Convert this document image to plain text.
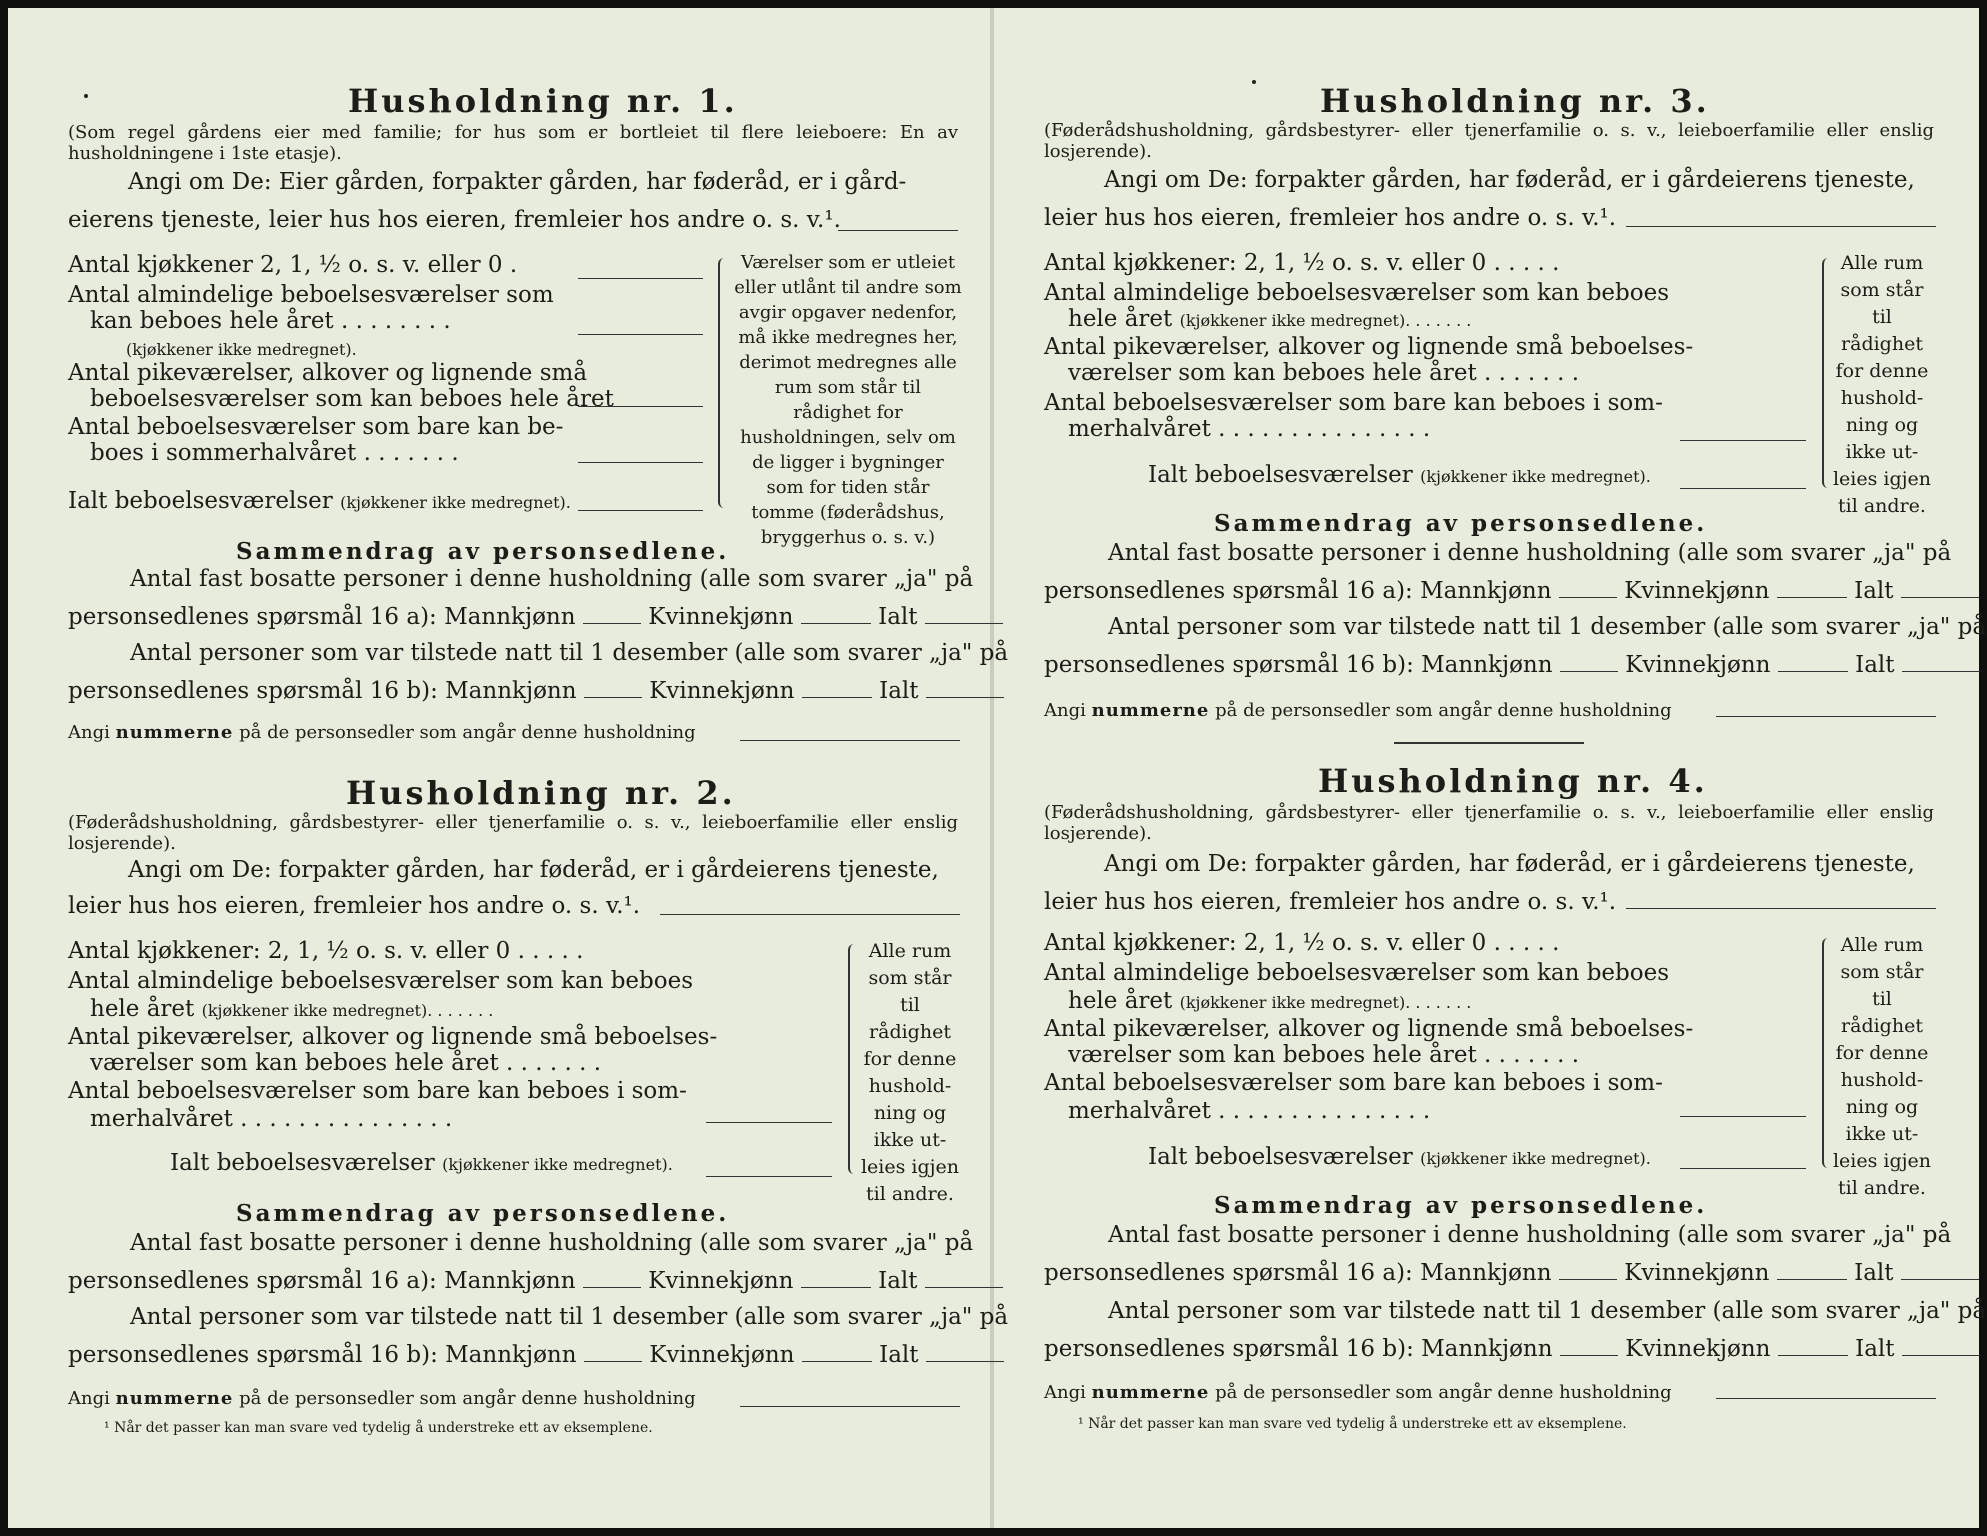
Husholdning nr. 1.
(Som regel gårdens eier med familie; for hus som er bortleiet til flere leieboere: En av husholdningene i 1ste etasje).
Angi om De: Eier gården, forpakter gården, har føderåd, er i gård-
eierens tjeneste, leier hus hos eieren, fremleier hos andre o. s. v.¹.
Antal kjøkkener 2, 1, ½ o. s. v. eller 0 .
Antal almindelige beboelsesværelser som
kan beboes hele året . . . . . . . .
(kjøkkener ikke medregnet).
Antal pikeværelser, alkover og lignende små
beboelsesværelser som kan beboes hele året
Antal beboelsesværelser som bare kan be-
boes i sommerhalvåret . . . . . . .
Ialt beboelsesværelser (kjøkkener ikke medregnet).
Værelser som er utleiet eller utlånt til andre som avgir opgaver nedenfor, må ikke medregnes her, derimot medregnes alle rum som står til rådighet for husholdningen, selv om de ligger i bygninger som for tiden står tomme (føderådshus, bryggerhus o. s. v.)
Sammendrag av personsedlene.
Antal fast bosatte personer i denne husholdning (alle som svarer „ja" på
personsedlenes spørsmål 16 a): Mannkjønn	Kvinnekjønn	Ialt
Antal personer som var tilstede natt til 1 desember (alle som svarer „ja" på
personsedlenes spørsmål 16 b): Mannkjønn	Kvinnekjønn	Ialt
Angi nummerne på de personsedler som angår denne husholdning
Husholdning nr. 2.
(Føderådshusholdning, gårdsbestyrer- eller tjenerfamilie o. s. v., leieboerfamilie eller enslig losjerende).
Angi om De: forpakter gården, har føderåd, er i gårdeierens tjeneste,
leier hus hos eieren, fremleier hos andre o. s. v.¹.
Antal kjøkkener: 2, 1, ½ o. s. v. eller 0 . . . . .
Antal almindelige beboelsesværelser som kan beboes
hele året (kjøkkener ikke medregnet). . . . . . .
Antal pikeværelser, alkover og lignende små beboelses-
værelser som kan beboes hele året . . . . . . .
Antal beboelsesværelser som bare kan beboes i som-
merhalvåret . . . . . . . . . . . . . . .
Ialt beboelsesværelser (kjøkkener ikke medregnet).
Alle rum som står til rådighet for denne hushold-ning og ikke ut-leies igjen til andre.
Sammendrag av personsedlene.
Antal fast bosatte personer i denne husholdning (alle som svarer „ja" på
personsedlenes spørsmål 16 a): Mannkjønn	Kvinnekjønn	Ialt
Antal personer som var tilstede natt til 1 desember (alle som svarer „ja" på
personsedlenes spørsmål 16 b): Mannkjønn	Kvinnekjønn	Ialt
Angi nummerne på de personsedler som angår denne husholdning
¹ Når det passer kan man svare ved tydelig å understreke ett av eksemplene.
Husholdning nr. 3.
(Føderådshusholdning, gårdsbestyrer- eller tjenerfamilie o. s. v., leieboerfamilie eller enslig losjerende).
Angi om De: forpakter gården, har føderåd, er i gårdeierens tjeneste,
leier hus hos eieren, fremleier hos andre o. s. v.¹.
Antal kjøkkener: 2, 1, ½ o. s. v. eller 0 . . . . .
Antal almindelige beboelsesværelser som kan beboes
hele året (kjøkkener ikke medregnet). . . . . . .
Antal pikeværelser, alkover og lignende små beboelses-
værelser som kan beboes hele året . . . . . . .
Antal beboelsesværelser som bare kan beboes i som-
merhalvåret . . . . . . . . . . . . . . .
Ialt beboelsesværelser (kjøkkener ikke medregnet).
Alle rum som står til rådighet for denne hushold-ning og ikke ut-leies igjen til andre.
Sammendrag av personsedlene.
Antal fast bosatte personer i denne husholdning (alle som svarer „ja" på
personsedlenes spørsmål 16 a): Mannkjønn	Kvinnekjønn	Ialt
Antal personer som var tilstede natt til 1 desember (alle som svarer „ja" på
personsedlenes spørsmål 16 b): Mannkjønn	Kvinnekjønn	Ialt
Angi nummerne på de personsedler som angår denne husholdning
Husholdning nr. 4.
(Føderådshusholdning, gårdsbestyrer- eller tjenerfamilie o. s. v., leieboerfamilie eller enslig losjerende).
Angi om De: forpakter gården, har føderåd, er i gårdeierens tjeneste,
leier hus hos eieren, fremleier hos andre o. s. v.¹.
Antal kjøkkener: 2, 1, ½ o. s. v. eller 0 . . . . .
Antal almindelige beboelsesværelser som kan beboes
hele året (kjøkkener ikke medregnet). . . . . . .
Antal pikeværelser, alkover og lignende små beboelses-
værelser som kan beboes hele året . . . . . . .
Antal beboelsesværelser som bare kan beboes i som-
merhalvåret . . . . . . . . . . . . . . .
Ialt beboelsesværelser (kjøkkener ikke medregnet).
Alle rum som står til rådighet for denne hushold-ning og ikke ut-leies igjen til andre.
Sammendrag av personsedlene.
Antal fast bosatte personer i denne husholdning (alle som svarer „ja" på
personsedlenes spørsmål 16 a): Mannkjønn	Kvinnekjønn	Ialt
Antal personer som var tilstede natt til 1 desember (alle som svarer „ja" på
personsedlenes spørsmål 16 b): Mannkjønn	Kvinnekjønn	Ialt
Angi nummerne på de personsedler som angår denne husholdning
¹ Når det passer kan man svare ved tydelig å understreke ett av eksemplene.
